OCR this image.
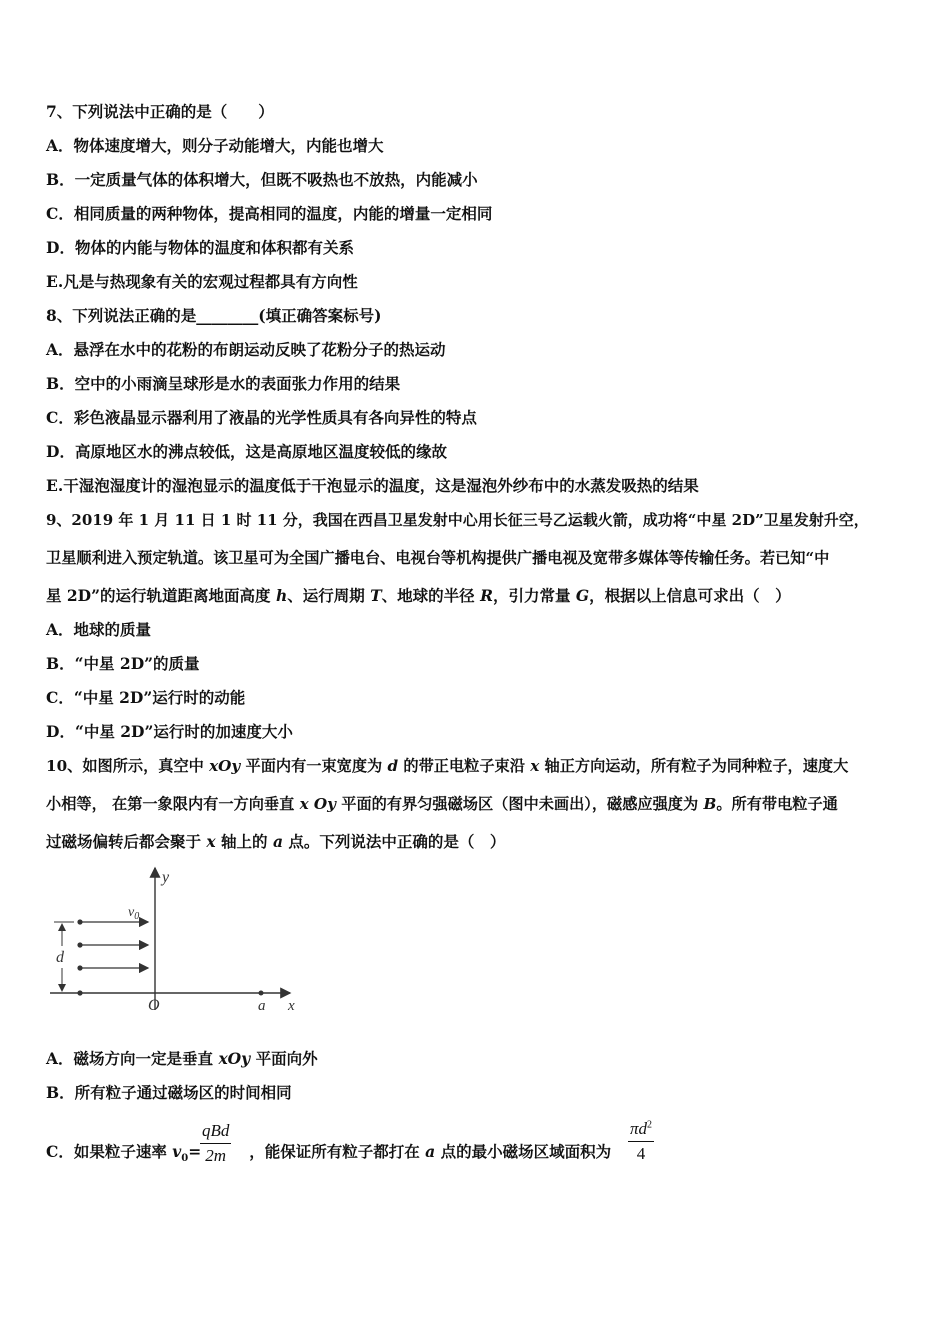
7、下列说法中正确的是（　　）
A．物体速度增大，则分子动能增大，内能也增大
B．一定质量气体的体积增大，但既不吸热也不放热，内能减小
C．相同质量的两种物体，提高相同的温度，内能的增量一定相同
D．物体的内能与物体的温度和体积都有关系
E.凡是与热现象有关的宏观过程都具有方向性
8、下列说法正确的是________(填正确答案标号)
A．悬浮在水中的花粉的布朗运动反映了花粉分子的热运动
B．空中的小雨滴呈球形是水的表面张力作用的结果
C．彩色液晶显示器利用了液晶的光学性质具有各向异性的特点
D．高原地区水的沸点较低，这是高原地区温度较低的缘故
E.干湿泡湿度计的湿泡显示的温度低于干泡显示的温度，这是湿泡外纱布中的水蒸发吸热的结果
9、2019 年 1 月 11 日 1 时 11 分，我国在西昌卫星发射中心用长征三号乙运载火箭，成功将“中星 2D”卫星发射升空，
卫星顺利进入预定轨道。该卫星可为全国广播电台、电视台等机构提供广播电视及宽带多媒体等传输任务。若已知“中
星 2D”的运行轨道距离地面高度 h、运行周期 T、地球的半径 R，引力常量 G，根据以上信息可求出（　）
A．地球的质量
B．“中星 2D”的质量
C．“中星 2D”运行时的动能
D．“中星 2D”运行时的加速度大小
10、如图所示，真空中 xOy 平面内有一束宽度为 d 的带正电粒子束沿 x 轴正方向运动，所有粒子为同种粒子，速度大
小相等， 在第一象限内有一方向垂直 x Oy 平面的有界匀强磁场区（图中未画出），磁感应强度为 B。所有带电粒子通
过磁场偏转后都会聚于 x 轴上的 a 点。下列说法中正确的是（　）
y
x
O	a
$v_0$
d
A．磁场方向一定是垂直 xOy 平面向外
B．所有粒子通过磁场区的时间相同
C．如果粒子速率 $v_0=$	，能保证所有粒子都打在 a 点的最小磁场区域面积为
qBd
2m	$\frac{\pi d^2}{4}$
